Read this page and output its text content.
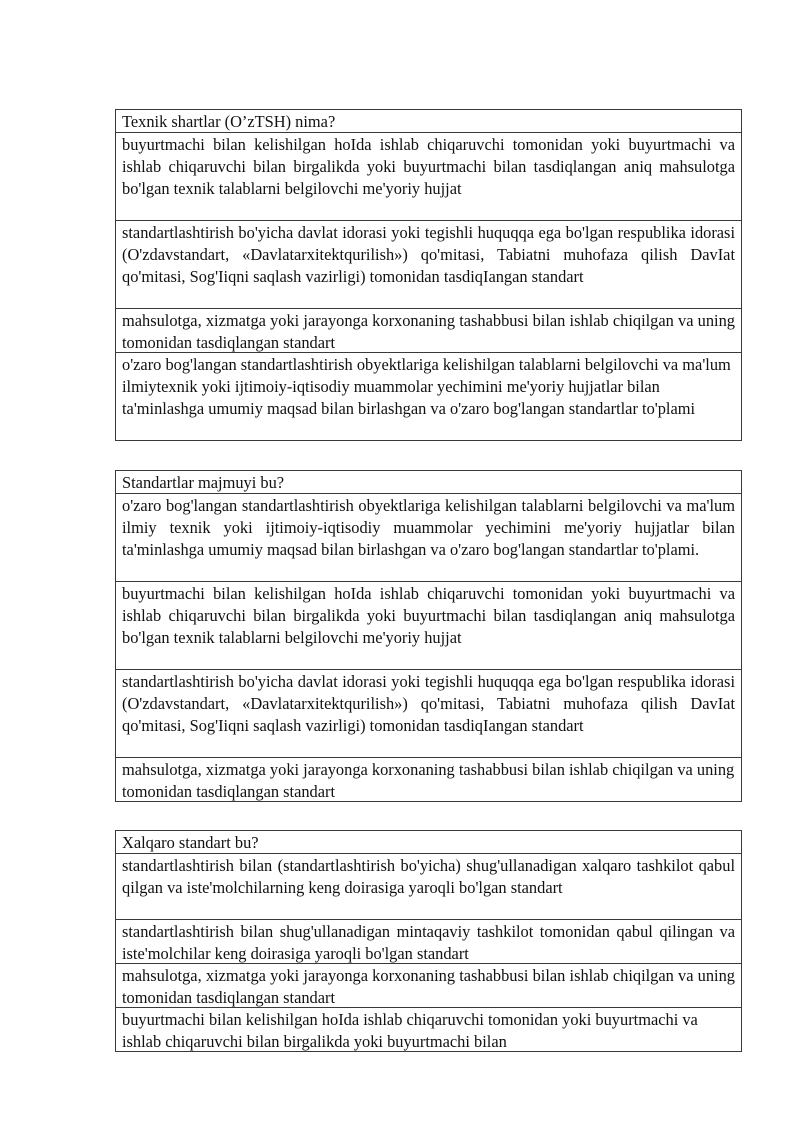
Texnik shartlar (O’zTSH) nima?
buyurtmachi bilan kelishilgan hoIda ishlab chiqaruvchi tomonidan yoki buyurtmachi va ishlab chiqaruvchi bilan birgalikda yoki buyurtmachi bilan tasdiqlangan aniq mahsulotga bo'lgan texnik talablarni belgilovchi me'yoriy hujjat
standartlashtirish bo'yicha davlat idorasi yoki tegishli huquqqa ega bo'lgan respublika idorasi (O'zdavstandart, «Davlatarxitektqurilish») qo'mitasi, Tabiatni muhofaza qilish DavIat qo'mitasi, Sog'Iiqni saqlash vazirligi) tomonidan tasdiqIangan standart
mahsulotga, xizmatga yoki jarayonga korxonaning tashabbusi bilan ishlab chiqilgan va uning tomonidan tasdiqlangan standart
o'zaro bog'langan standartlashtirish obyektlariga kelishilgan talablarni belgilovchi va ma'lum ilmiytexnik yoki ijtimoiy-iqtisodiy muammolar yechimini me'yoriy hujjatlar bilan ta'minlashga umumiy maqsad bilan birlashgan va o'zaro bog'langan standartlar to'plami
Standartlar majmuyi bu?
o'zaro bog'langan standartlashtirish obyektlariga kelishilgan talablarni belgilovchi va ma'lum ilmiy texnik yoki ijtimoiy-iqtisodiy muammolar yechimini me'yoriy hujjatlar bilan ta'minlashga umumiy maqsad bilan birlashgan va o'zaro bog'langan standartlar to'plami.
buyurtmachi bilan kelishilgan hoIda ishlab chiqaruvchi tomonidan yoki buyurtmachi va ishlab chiqaruvchi bilan birgalikda yoki buyurtmachi bilan tasdiqlangan aniq mahsulotga bo'lgan texnik talablarni belgilovchi me'yoriy hujjat
standartlashtirish bo'yicha davlat idorasi yoki tegishli huquqqa ega bo'lgan respublika idorasi (O'zdavstandart, «Davlatarxitektqurilish») qo'mitasi, Tabiatni muhofaza qilish DavIat qo'mitasi, Sog'Iiqni saqlash vazirligi) tomonidan tasdiqIangan standart
mahsulotga, xizmatga yoki jarayonga korxonaning tashabbusi bilan ishlab chiqilgan va uning tomonidan tasdiqlangan standart
Xalqaro standart bu?
standartlashtirish bilan (standartlashtirish bo'yicha) shug'ullanadigan xalqaro tashkilot qabul qilgan va iste'molchilarning keng doirasiga yaroqli bo'lgan standart
standartlashtirish bilan shug'ullanadigan mintaqaviy tashkilot tomonidan qabul qilingan va iste'molchilar keng doirasiga yaroqli bo'lgan standart
mahsulotga, xizmatga yoki jarayonga korxonaning tashabbusi bilan ishlab chiqilgan va uning tomonidan tasdiqlangan standart
buyurtmachi bilan kelishilgan hoIda ishlab chiqaruvchi tomonidan yoki buyurtmachi va ishlab chiqaruvchi bilan birgalikda yoki buyurtmachi bilan
